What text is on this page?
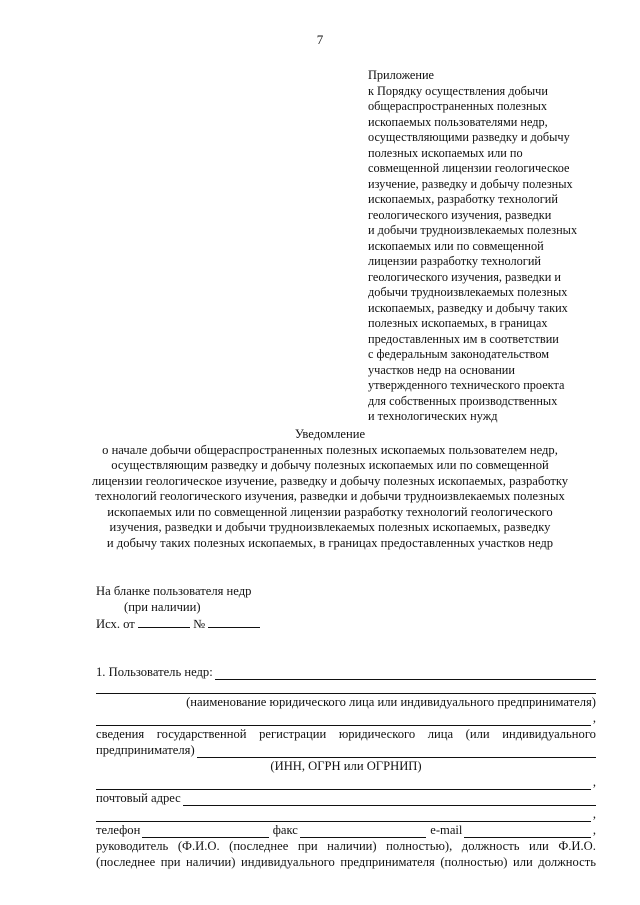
7
Приложение
к Порядку осуществления добычи
общераспространенных полезных
ископаемых пользователями недр,
осуществляющими разведку и добычу
полезных ископаемых или по
совмещенной лицензии геологическое
изучение, разведку и добычу полезных
ископаемых, разработку технологий
геологического изучения, разведки
и добычи трудноизвлекаемых полезных
ископаемых или по совмещенной
лицензии разработку технологий
геологического изучения, разведки и
добычи трудноизвлекаемых полезных
ископаемых, разведку и добычу таких
полезных ископаемых, в границах
предоставленных им в соответствии
с федеральным законодательством
участков недр на основании
утвержденного технического проекта
для собственных производственных
и технологических нужд
Уведомление
о начале добычи общераспространенных полезных ископаемых пользователем недр,
осуществляющим разведку и добычу полезных ископаемых или по совмещенной
лицензии геологическое изучение, разведку и добычу полезных ископаемых, разработку
технологий геологического изучения, разведки и добычи трудноизвлекаемых полезных
ископаемых или по совмещенной лицензии разработку технологий геологического
изучения, разведки и добычи трудноизвлекаемых полезных ископаемых, разведку
и добычу таких полезных ископаемых, в границах предоставленных участков недр
На бланке пользователя недр
(при наличии)
Исх. от	№
1. Пользователь недр:
(наименование юридического лица или индивидуального предпринимателя)
,
сведения государственной регистрации юридического лица (или индивидуального
предпринимателя)
(ИНН, ОГРН или ОГРНИП)
,
почтовый адрес
,
телефон	факс	e-mail	,
руководитель (Ф.И.О. (последнее при наличии) полностью), должность или Ф.И.О.
(последнее при наличии) индивидуального предпринимателя (полностью) или должность
